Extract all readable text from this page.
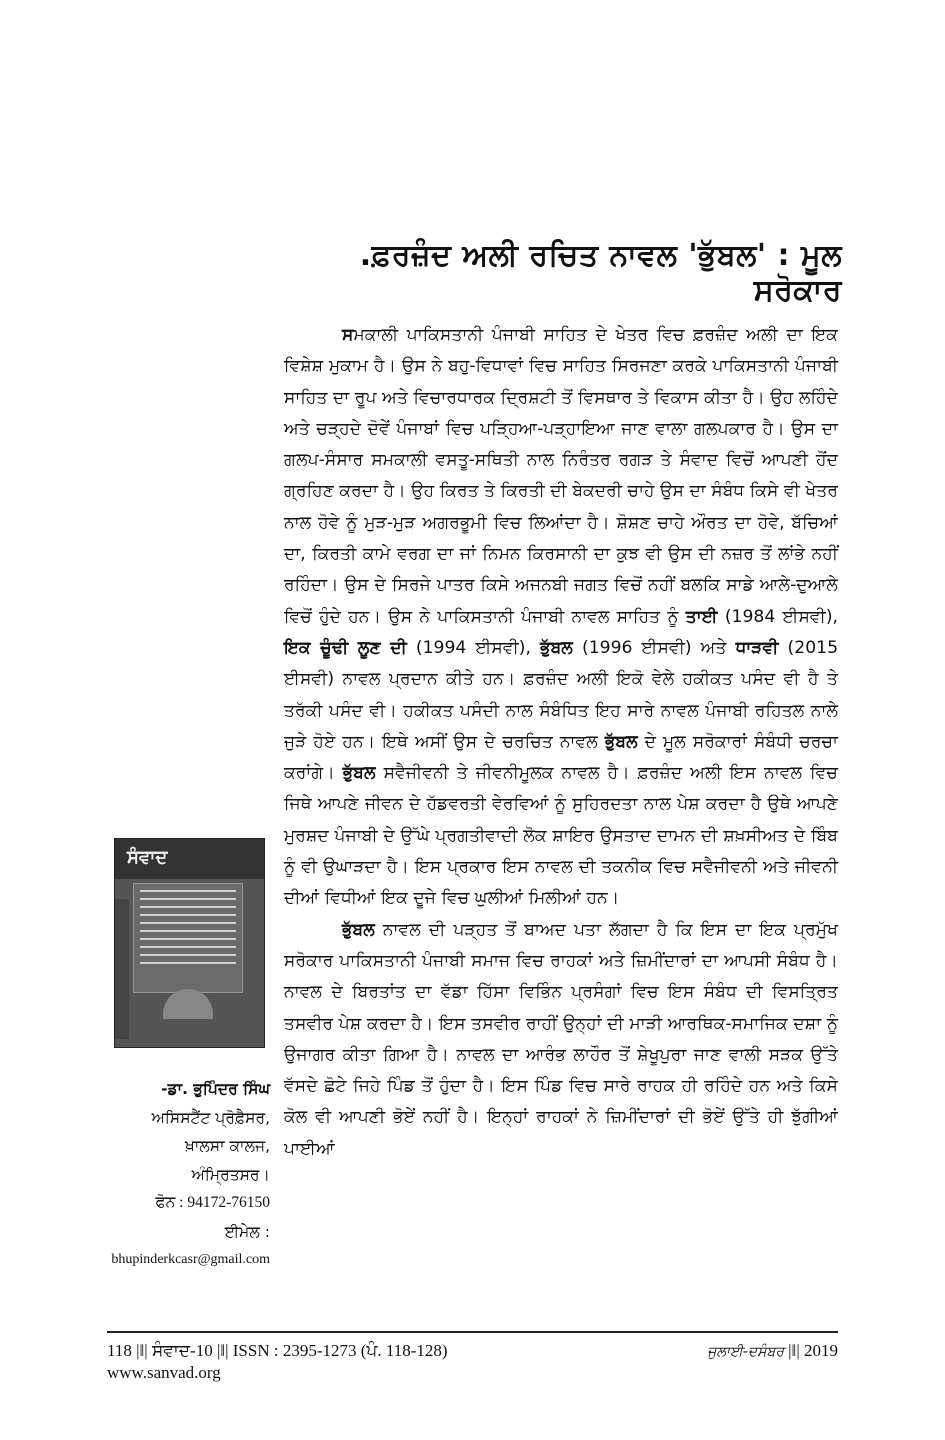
.ਫ਼ਰਜ਼ੰਦ ਅਲੀ ਰਚਿਤ ਨਾਵਲ 'ਭੁੱਬਲ' : ਮੂਲ ਸਰੋਕਾਰ

ਸਮਕਾਲੀ ਪਾਕਿਸਤਾਨੀ ਪੰਜਾਬੀ ਸਾਹਿਤ ਦੇ ਖੇਤਰ ਵਿਚ ਫ਼ਰਜ਼ੰਦ ਅਲੀ ਦਾ ਇਕ ਵਿਸ਼ੇਸ਼ ਮੁਕਾਮ ਹੈ। ਉਸ ਨੇ ਬਹੁ-ਵਿਧਾਵਾਂ ਵਿਚ ਸਾਹਿਤ ਸਿਰਜਣਾ ਕਰਕੇ ਪਾਕਿਸਤਾਨੀ ਪੰਜਾਬੀ ਸਾਹਿਤ ਦਾ ਰੂਪ ਅਤੇ ਵਿਚਾਰਧਾਰਕ ਦ੍ਰਿਸ਼ਟੀ ਤੋਂ ਵਿਸਥਾਰ ਤੇ ਵਿਕਾਸ ਕੀਤਾ ਹੈ। ਉਹ ਲਹਿੰਦੇ ਅਤੇ ਚੜ੍ਹਦੇ ਦੋਵੇਂ ਪੰਜਾਬਾਂ ਵਿਚ ਪੜ੍ਹਿਆ-ਪੜ੍ਹਾਇਆ ਜਾਣ ਵਾਲਾ ਗਲਪਕਾਰ ਹੈ। ਉਸ ਦਾ ਗਲਪ-ਸੰਸਾਰ ਸਮਕਾਲੀ ਵਸਤੂ-ਸਥਿਤੀ ਨਾਲ ਨਿਰੰਤਰ ਰਗੜ ਤੇ ਸੰਵਾਦ ਵਿਚੋਂ ਆਪਣੀ ਹੋਂਦ ਗ੍ਰਹਿਣ ਕਰਦਾ ਹੈ। ਉਹ ਕਿਰਤ ਤੇ ਕਿਰਤੀ ਦੀ ਬੇਕਦਰੀ ਚਾਹੇ ਉਸ ਦਾ ਸੰਬੰਧ ਕਿਸੇ ਵੀ ਖੇਤਰ ਨਾਲ ਹੋਵੇ ਨੂੰ ਮੁੜ-ਮੁੜ ਅਗਰਭੂਮੀ ਵਿਚ ਲਿਆਂਦਾ ਹੈ। ਸ਼ੋਸ਼ਣ ਚਾਹੇ ਔਰਤ ਦਾ ਹੋਵੇ, ਬੱਚਿਆਂ ਦਾ, ਕਿਰਤੀ ਕਾਮੇ ਵਰਗ ਦਾ ਜਾਂ ਨਿਮਨ ਕਿਰਸਾਨੀ ਦਾ ਕੁਝ ਵੀ ਉਸ ਦੀ ਨਜ਼ਰ ਤੋਂ ਲਾਂਭੇ ਨਹੀਂ ਰਹਿੰਦਾ। ਉਸ ਦੇ ਸਿਰਜੇ ਪਾਤਰ ਕਿਸੇ ਅਜਨਬੀ ਜਗਤ ਵਿਚੋਂ ਨਹੀਂ ਬਲਕਿ ਸਾਡੇ ਆਲੇ-ਦੁਆਲੇ ਵਿਚੋਂ ਹੁੰਦੇ ਹਨ। ਉਸ ਨੇ ਪਾਕਿਸਤਾਨੀ ਪੰਜਾਬੀ ਨਾਵਲ ਸਾਹਿਤ ਨੂੰ ਤਾਈ (1984 ਈਸਵੀ), ਇਕ ਚੂੰਢੀ ਲੂਣ ਦੀ (1994 ਈਸਵੀ), ਭੁੱਬਲ (1996 ਈਸਵੀ) ਅਤੇ ਧਾੜਵੀ (2015 ਈਸਵੀ) ਨਾਵਲ ਪ੍ਰਦਾਨ ਕੀਤੇ ਹਨ। ਫ਼ਰਜ਼ੰਦ ਅਲੀ ਇਕੋ ਵੇਲੇ ਹਕੀਕਤ ਪਸੰਦ ਵੀ ਹੈ ਤੇ ਤਰੱਕੀ ਪਸੰਦ ਵੀ। ਹਕੀਕਤ ਪਸੰਦੀ ਨਾਲ ਸੰਬੰਧਿਤ ਇਹ ਸਾਰੇ ਨਾਵਲ ਪੰਜਾਬੀ ਰਹਿਤਲ ਨਾਲੇ ਜੁੜੇ ਹੋਏ ਹਨ। ਇਥੇ ਅਸੀਂ ਉਸ ਦੇ ਚਰਚਿਤ ਨਾਵਲ ਭੁੱਬਲ ਦੇ ਮੂਲ ਸਰੋਕਾਰਾਂ ਸੰਬੰਧੀ ਚਰਚਾ ਕਰਾਂਗੇ। ਭੁੱਬਲ ਸਵੈਜੀਵਨੀ ਤੇ ਜੀਵਨੀਮੂਲਕ ਨਾਵਲ ਹੈ। ਫ਼ਰਜ਼ੰਦ ਅਲੀ ਇਸ ਨਾਵਲ ਵਿਚ ਜਿਥੇ ਆਪਣੇ ਜੀਵਨ ਦੇ ਹੱਡਵਰਤੀ ਵੇਰਵਿਆਂ ਨੂੰ ਸੁਹਿਰਦਤਾ ਨਾਲ ਪੇਸ਼ ਕਰਦਾ ਹੈ ਉਥੇ ਆਪਣੇ ਮੁਰਸ਼ਦ ਪੰਜਾਬੀ ਦੇ ਉੱਘੇ ਪ੍ਰਗਤੀਵਾਦੀ ਲੋਕ ਸ਼ਾਇਰ ਉਸਤਾਦ ਦਾਮਨ ਦੀ ਸ਼ਖ਼ਸੀਅਤ ਦੇ ਬਿੰਬ ਨੂੰ ਵੀ ਉਘਾੜਦਾ ਹੈ। ਇਸ ਪ੍ਰਕਾਰ ਇਸ ਨਾਵਲ ਦੀ ਤਕਨੀਕ ਵਿਚ ਸਵੈਜੀਵਨੀ ਅਤੇ ਜੀਵਨੀ ਦੀਆਂ ਵਿਧੀਆਂ ਇਕ ਦੂਜੇ ਵਿਚ ਘੁਲੀਆਂ ਮਿਲੀਆਂ ਹਨ।

ਭੁੱਬਲ ਨਾਵਲ ਦੀ ਪੜ੍ਹਤ ਤੋਂ ਬਾਅਦ ਪਤਾ ਲੱਗਦਾ ਹੈ ਕਿ ਇਸ ਦਾ ਇਕ ਪ੍ਰਮੁੱਖ ਸਰੋਕਾਰ ਪਾਕਿਸਤਾਨੀ ਪੰਜਾਬੀ ਸਮਾਜ ਵਿਚ ਰਾਹਕਾਂ ਅਤੇ ਜ਼ਿਮੀਂਦਾਰਾਂ ਦਾ ਆਪਸੀ ਸੰਬੰਧ ਹੈ। ਨਾਵਲ ਦੇ ਬਿਰਤਾਂਤ ਦਾ ਵੱਡਾ ਹਿੱਸਾ ਵਿਭਿੰਨ ਪ੍ਰਸੰਗਾਂ ਵਿਚ ਇਸ ਸੰਬੰਧ ਦੀ ਵਿਸਤ੍ਰਿਤ ਤਸਵੀਰ ਪੇਸ਼ ਕਰਦਾ ਹੈ। ਇਸ ਤਸਵੀਰ ਰਾਹੀਂ ਉਨ੍ਹਾਂ ਦੀ ਮਾੜੀ ਆਰਥਿਕ-ਸਮਾਜਿਕ ਦਸ਼ਾ ਨੂੰ ਉਜਾਗਰ ਕੀਤਾ ਗਿਆ ਹੈ। ਨਾਵਲ ਦਾ ਆਰੰਭ ਲਾਹੌਰ ਤੋਂ ਸ਼ੇਖੂਪੁਰਾ ਜਾਣ ਵਾਲੀ ਸੜਕ ਉੱਤੇ ਵੱਸਦੇ ਛੋਟੇ ਜਿਹੇ ਪਿੰਡ ਤੋਂ ਹੁੰਦਾ ਹੈ। ਇਸ ਪਿੰਡ ਵਿਚ ਸਾਰੇ ਰਾਹਕ ਹੀ ਰਹਿੰਦੇ ਹਨ ਅਤੇ ਕਿਸੇ ਕੋਲ ਵੀ ਆਪਣੀ ਭੋਏਂ ਨਹੀਂ ਹੈ। ਇਨ੍ਹਾਂ ਰਾਹਕਾਂ ਨੇ ਜ਼ਿਮੀਂਦਾਰਾਂ ਦੀ ਭੋਏਂ ਉੱਤੇ ਹੀ ਝੁੱਗੀਆਂ ਪਾਈਆਂ

ਸੰਵਾਦ
-ਡਾ. ਭੁਪਿੰਦਰ ਸਿੰਘ
ਅਸਿਸਟੈਂਟ ਪ੍ਰੋਫ਼ੈਸਰ,
ਖ਼ਾਲਸਾ ਕਾਲਜ,
ਅੰਮ੍ਰਿਤਸਰ।
ਫੋਨ : 94172-76150
ਈਮੇਲ :
bhupinderkcasr@gmail.com
118 |‖| ਸੰਵਾਦ-10 |‖| ISSN : 2395-1273 (ਪੰ. 118-128)
www.sanvad.org
ਜੁਲਾਈ-ਦਸੰਬਰ |‖| 2019
